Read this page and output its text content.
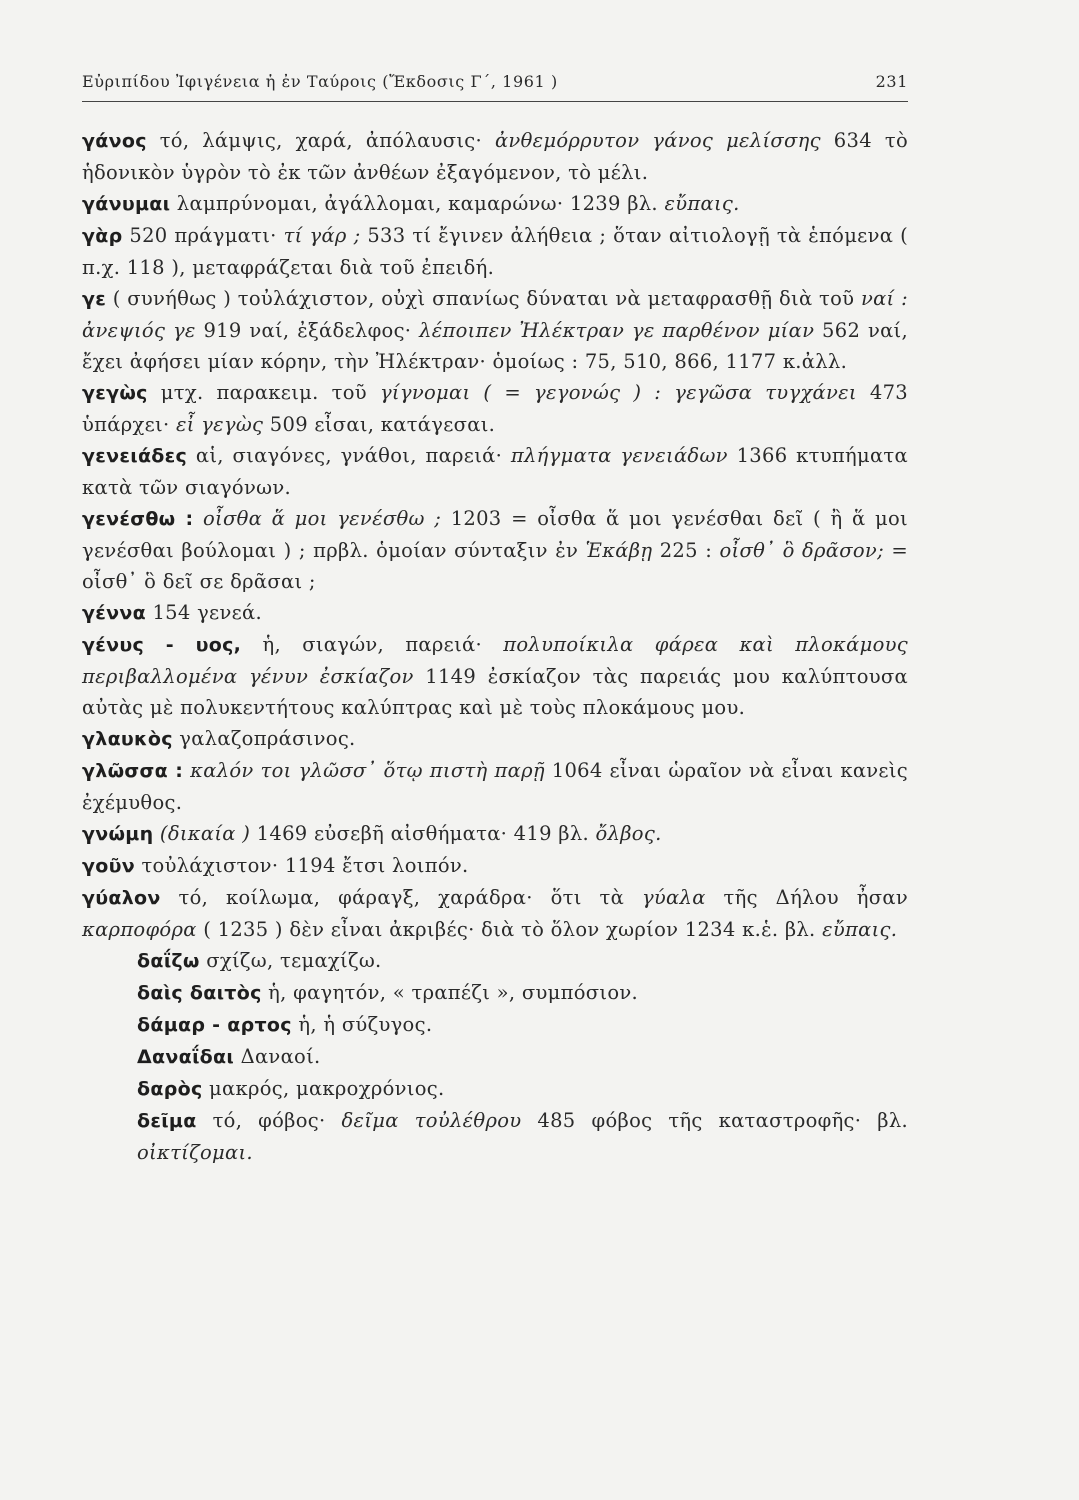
Εὐριπίδου Ἰφιγένεια ἡ ἐν Ταύροις (Ἔκδοσις Γ΄, 1961 )	231

γάνος τό, λάμψις, χαρά, ἀπόλαυσις· ἀνθεμόρρυτον γάνος μελίσσης 634 τὸ ἡδονικὸν ὑγρὸν τὸ ἐκ τῶν ἀνθέων ἐξαγόμενον, τὸ μέλι.

γάνυμαι λαμπρύνομαι, ἀγάλλομαι, καμαρώνω· 1239 βλ. εὔπαις.

γὰρ 520 πράγματι· τί γάρ ; 533 τί ἔγινεν ἀλήθεια ; ὅταν αἰτιολογῇ τὰ ἑπόμενα ( π.χ. 118 ), μεταφράζεται διὰ τοῦ ἐπειδή.

γε ( συνήθως ) τοὐλάχιστον, οὐχὶ σπανίως δύναται νὰ μεταφρασθῇ διὰ τοῦ ναί : ἀνεψιός γε 919 ναί, ἐξάδελφος· λέποιπεν Ἠλέκτραν γε παρθένον μίαν 562 ναί, ἔχει ἀφήσει μίαν κόρην, τὴν Ἠλέκτραν· ὁμοίως : 75, 510, 866, 1177 κ.ἀλλ.

γεγὼς μτχ. παρακειμ. τοῦ γίγνομαι ( = γεγονώς ) : γεγῶσα τυγχάνει 473 ὑπάρχει· εἶ γεγὼς 509 εἶσαι, κατάγεσαι.

γενειάδες αἱ, σιαγόνες, γνάθοι, παρειά· πλήγματα γενειάδων 1366 κτυπήματα κατὰ τῶν σιαγόνων.

γενέσθω : οἶσθα ἅ μοι γενέσθω ; 1203 = οἶσθα ἅ μοι γενέσθαι δεῖ ( ἢ ἅ μοι γενέσθαι βούλομαι ) ; πρβλ. ὁμοίαν σύνταξιν ἐν Ἑκάβῃ 225 : οἶσθ᾽ ὃ δρᾶσον; = οἶσθ᾽ ὃ δεῖ σε δρᾶσαι ;

γέννα 154 γενεά.

γένυς - υος, ἡ, σιαγών, παρειά· πολυποίκιλα φάρεα καὶ πλοκάμους περιβαλλομένα γένυν ἐσκίαζον 1149 ἐσκίαζον τὰς παρειάς μου καλύπτουσα αὐτὰς μὲ πολυκεντήτους καλύπτρας καὶ μὲ τοὺς πλοκάμους μου.

γλαυκὸς γαλαζοπράσινος.

γλῶσσα : καλόν τοι γλῶσσ᾽ ὅτῳ πιστὴ παρῇ 1064 εἶναι ὡραῖον νὰ εἶναι κανεὶς ἐχέμυθος.

γνώμη (δικαία ) 1469 εὐσεβῆ αἰσθήματα· 419 βλ. ὄλβος.

γοῦν τοὐλάχιστον· 1194 ἔτσι λοιπόν.

γύαλον τό, κοίλωμα, φάραγξ, χαράδρα· ὅτι τὰ γύαλα τῆς Δήλου ἦσαν καρποφόρα ( 1235 ) δὲν εἶναι ἀκριβές· διὰ τὸ ὅλον χωρίον 1234 κ.ἑ. βλ. εὔπαις.

δαΐζω σχίζω, τεμαχίζω.

δαὶς δαιτὸς ἡ, φαγητόν, « τραπέζι », συμπόσιον.

δάμαρ - αρτος ἡ, ἡ σύζυγος.

Δαναΐδαι Δαναοί.

δαρὸς μακρός, μακροχρόνιος.

δεῖμα τό, φόβος· δεῖμα τοὐλέθρου 485 φόβος τῆς καταστροφῆς· βλ. οἰκτίζομαι.
